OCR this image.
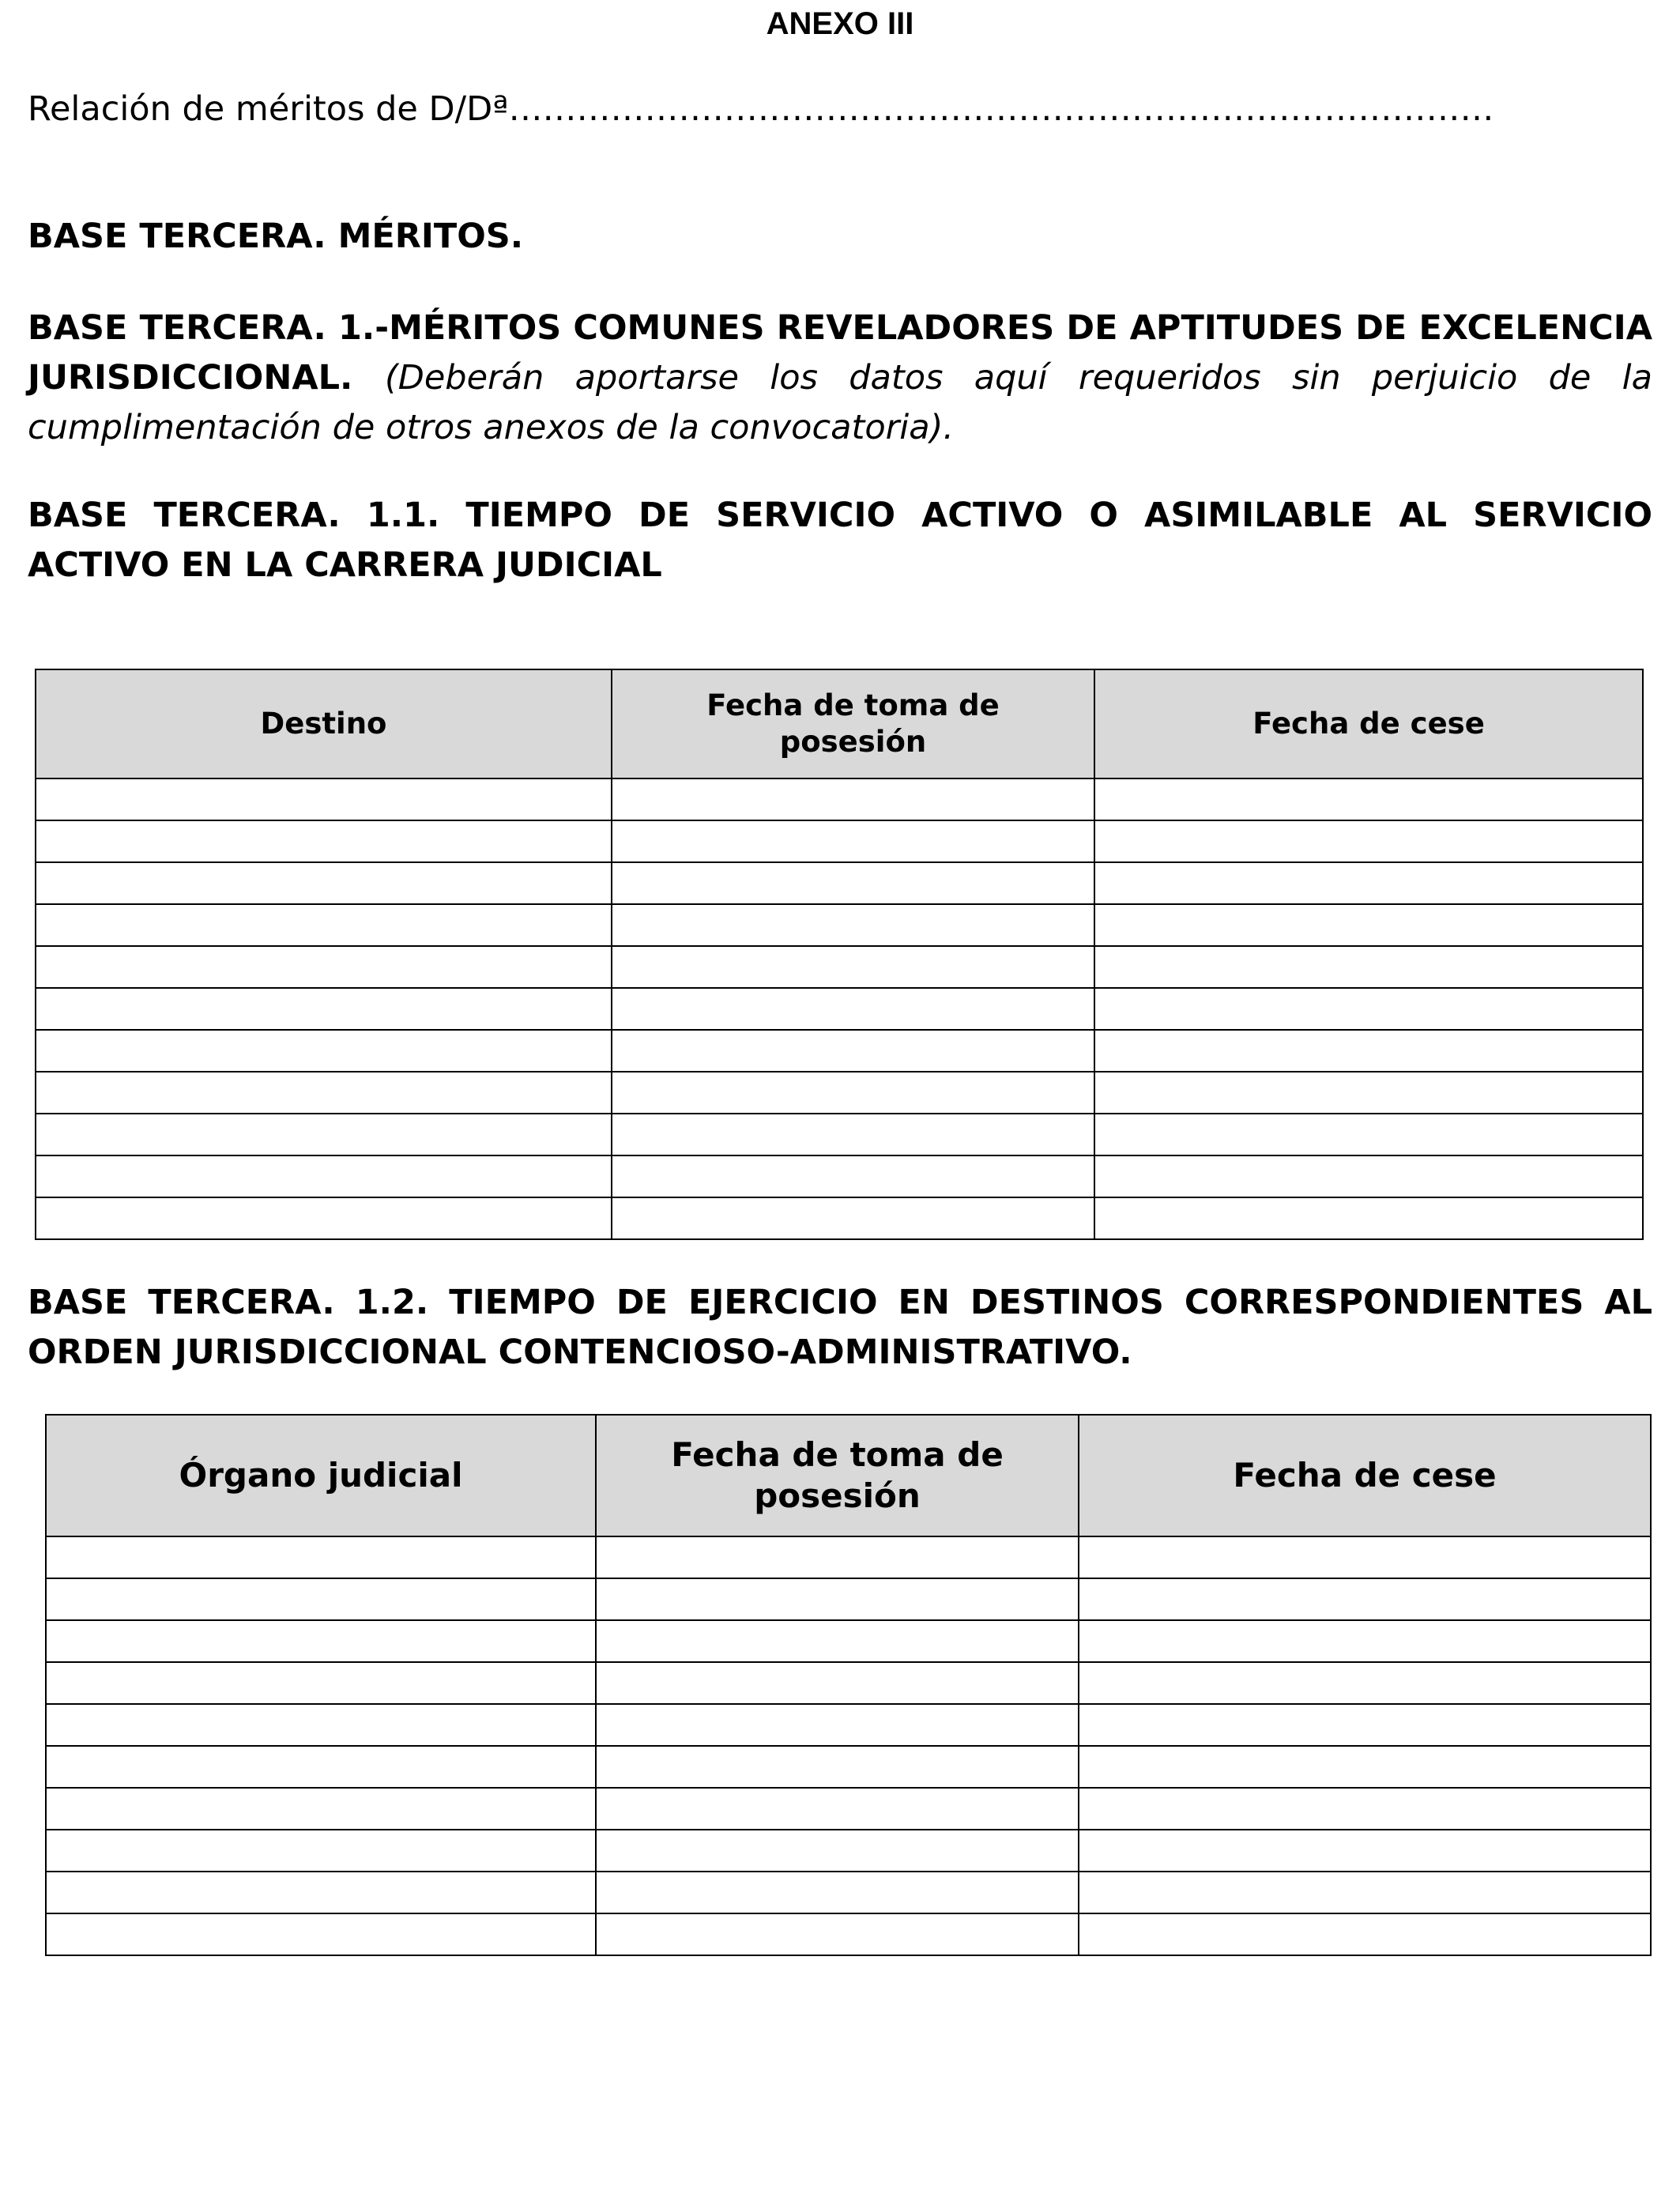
ANEXO III
Relación de méritos de D/Dª……………………………………………………………………………
BASE TERCERA. MÉRITOS.
BASE TERCERA. 1.-MÉRITOS COMUNES REVELADORES DE APTITUDES DE EXCELENCIA JURISDICCIONAL. (Deberán aportarse los datos aquí requeridos sin perjuicio de la cumplimentación de otros anexos de la convocatoria).
BASE TERCERA. 1.1. TIEMPO DE SERVICIO ACTIVO O ASIMILABLE AL SERVICIO ACTIVO EN LA CARRERA JUDICIAL
Destino	Fecha de toma de posesión	Fecha de cese

BASE TERCERA. 1.2. TIEMPO DE EJERCICIO EN DESTINOS CORRESPONDIENTES AL ORDEN JURISDICCIONAL CONTENCIOSO-ADMINISTRATIVO.
Órgano judicial	Fecha de toma de posesión	Fecha de cese
